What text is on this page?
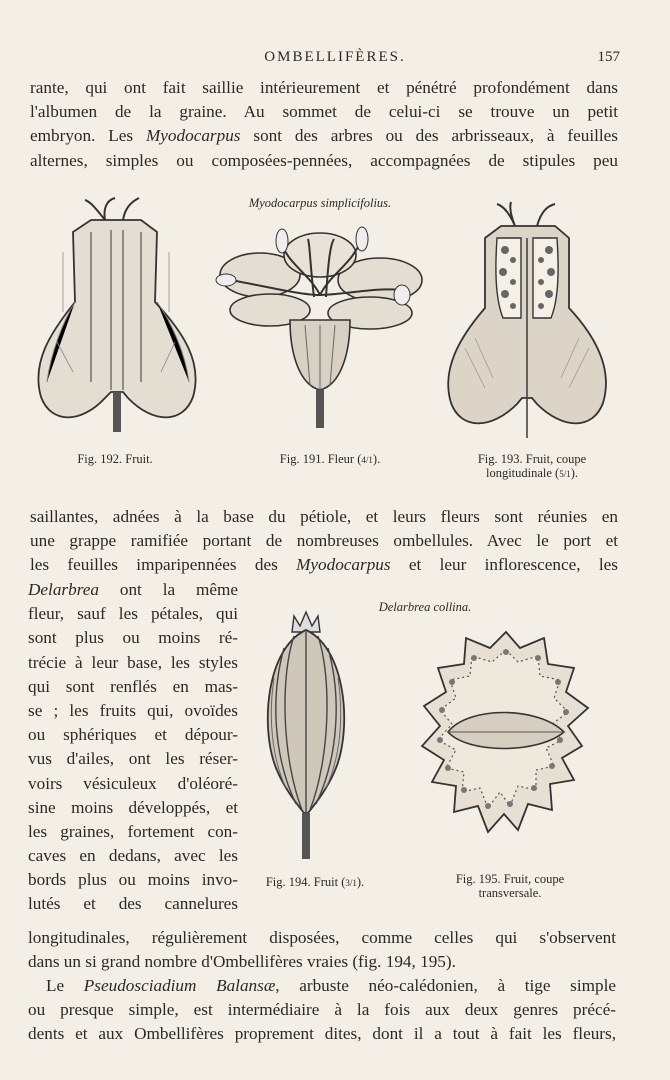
OMBELLIFÈRES.	157
rante, qui ont fait saillie intérieurement et pénétré profondément dans
l'albumen de la graine. Au sommet de celui-ci se trouve un petit
embryon. Les Myodocarpus sont des arbres ou des arbrisseaux, à feuilles
alternes, simples ou composées-pennées, accompagnées de stipules peu
Myodocarpus simplicifolius.
Fig. 192. Fruit.	Fig. 191. Fleur (4/1).	Fig. 193. Fruit, coupe
longitudinale (5/1).
saillantes, adnées à la base du pétiole, et leurs fleurs sont réunies en
une grappe ramifiée portant de nombreuses ombellules. Avec le port et
les feuilles imparipennées des Myodocarpus et leur inflorescence, les
Delarbrea ont la même
fleur, sauf les pétales, qui
sont plus ou moins ré-
trécie à leur base, les styles
qui sont renflés en mas-
se ; les fruits qui, ovoïdes
ou sphériques et dépour-
vus d'ailes, ont les réser-
voirs vésiculeux d'oléoré-
sine moins développés, et
les graines, fortement con-
caves en dedans, avec les
bords plus ou moins invo-
lutés et des cannelures
Delarbrea collina.
Fig. 194. Fruit (3/1).	Fig. 195. Fruit, coupe
transversale.
longitudinales, régulièrement disposées, comme celles qui s'observent
dans un si grand nombre d'Ombellifères vraies (fig. 194, 195).
Le Pseudosciadium Balansæ, arbuste néo-calédonien, à tige simple
ou presque simple, est intermédiaire à la fois aux deux genres précé-
dents et aux Ombellifères proprement dites, dont il a tout à fait les fleurs,
